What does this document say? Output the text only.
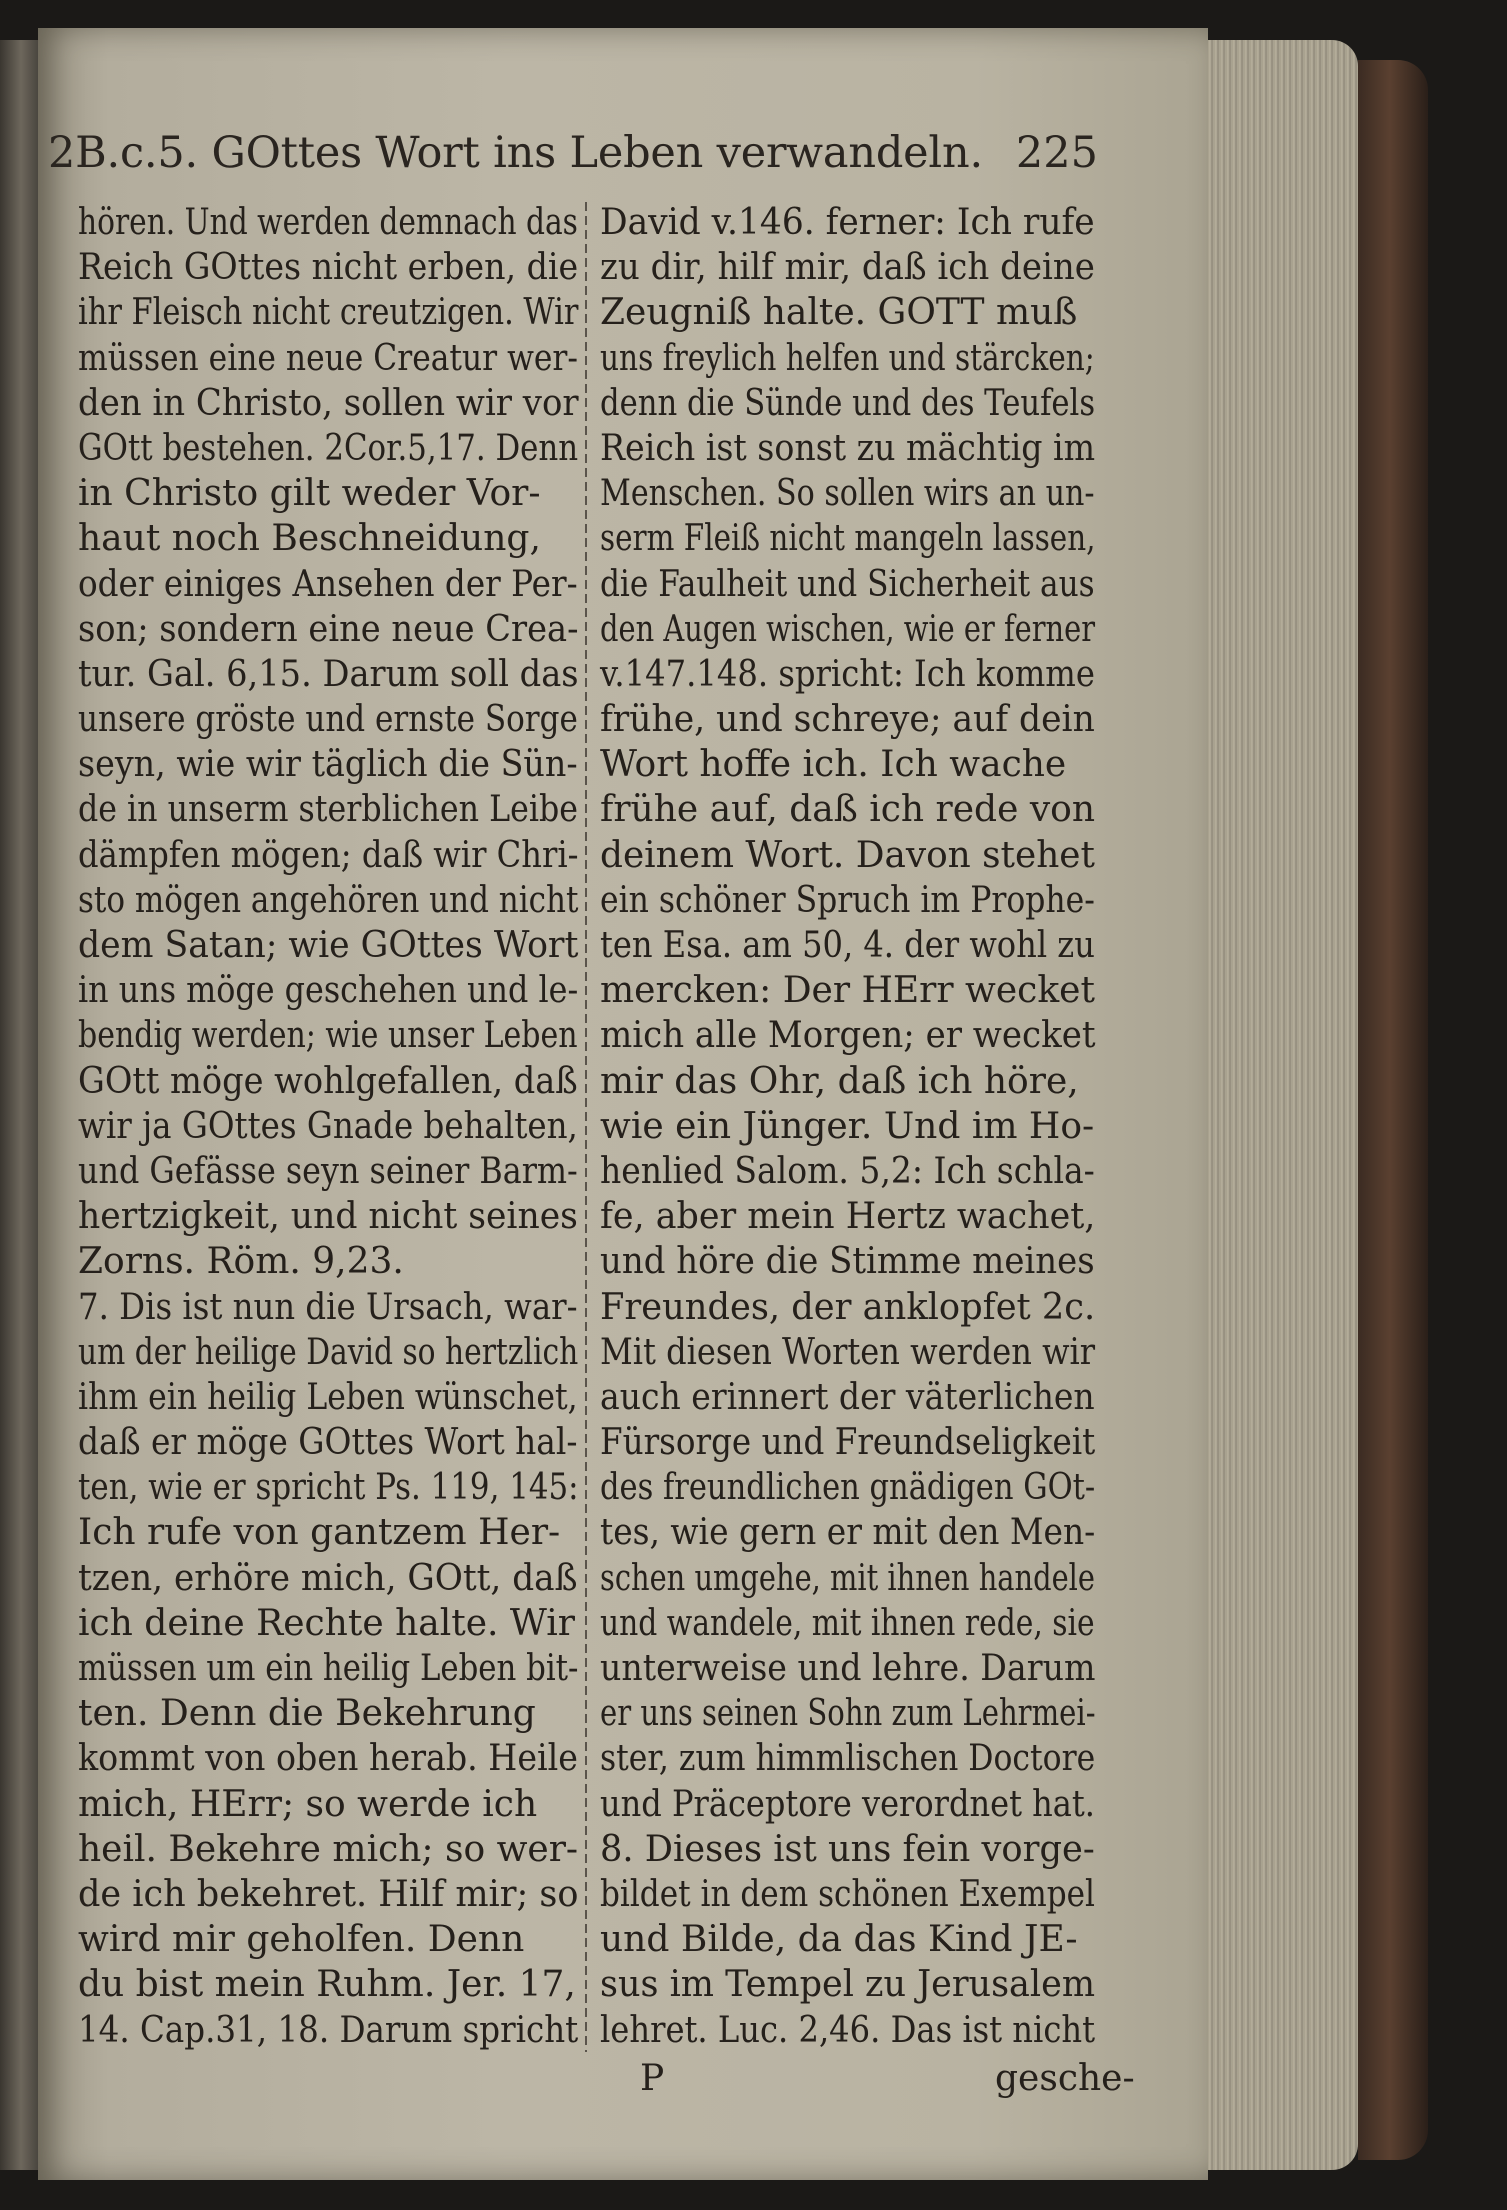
2B.c.5. GOttes Wort ins Leben verwandeln. 225
hören. Und werden demnach das
Reich GOttes nicht erben, die
ihr Fleisch nicht creutzigen. Wir
müssen eine neue Creatur wer-
den in Christo, sollen wir vor
GOtt bestehen. 2Cor.5,17. Denn
in Christo gilt weder Vor-
haut noch Beschneidung,
oder einiges Ansehen der Per-
son; sondern eine neue Crea-
tur. Gal. 6,15. Darum soll das
unsere gröste und ernste Sorge
seyn, wie wir täglich die Sün-
de in unserm sterblichen Leibe
dämpfen mögen; daß wir Chri-
sto mögen angehören und nicht
dem Satan; wie GOttes Wort
in uns möge geschehen und le-
bendig werden; wie unser Leben
GOtt möge wohlgefallen, daß
wir ja GOttes Gnade behalten,
und Gefässe seyn seiner Barm-
hertzigkeit, und nicht seines
Zorns. Röm. 9,23.
7. Dis ist nun die Ursach, war-
um der heilige David so hertzlich
ihm ein heilig Leben wünschet,
daß er möge GOttes Wort hal-
ten, wie er spricht Ps. 119, 145:
Ich rufe von gantzem Her-
tzen, erhöre mich, GOtt, daß
ich deine Rechte halte. Wir
müssen um ein heilig Leben bit-
ten. Denn die Bekehrung
kommt von oben herab. Heile
mich, HErr; so werde ich
heil. Bekehre mich; so wer-
de ich bekehret. Hilf mir; so
wird mir geholfen. Denn
du bist mein Ruhm. Jer. 17,
14. Cap.31, 18. Darum spricht
David v.146. ferner: Ich rufe
zu dir, hilf mir, daß ich deine
Zeugniß halte. GOTT muß
uns freylich helfen und stärcken;
denn die Sünde und des Teufels
Reich ist sonst zu mächtig im
Menschen. So sollen wirs an un-
serm Fleiß nicht mangeln lassen,
die Faulheit und Sicherheit aus
den Augen wischen, wie er ferner
v.147.148. spricht: Ich komme
frühe, und schreye; auf dein
Wort hoffe ich. Ich wache
frühe auf, daß ich rede von
deinem Wort. Davon stehet
ein schöner Spruch im Prophe-
ten Esa. am 50, 4. der wohl zu
mercken: Der HErr wecket
mich alle Morgen; er wecket
mir das Ohr, daß ich höre,
wie ein Jünger. Und im Ho-
henlied Salom. 5,2: Ich schla-
fe, aber mein Hertz wachet,
und höre die Stimme meines
Freundes, der anklopfet 2c.
Mit diesen Worten werden wir
auch erinnert der väterlichen
Fürsorge und Freundseligkeit
des freundlichen gnädigen GOt-
tes, wie gern er mit den Men-
schen umgehe, mit ihnen handele
und wandele, mit ihnen rede, sie
unterweise und lehre. Darum
er uns seinen Sohn zum Lehrmei-
ster, zum himmlischen Doctore
und Präceptore verordnet hat.
8. Dieses ist uns fein vorge-
bildet in dem schönen Exempel
und Bilde, da das Kind JE-
sus im Tempel zu Jerusalem
lehret. Luc. 2,46. Das ist nicht
P	gesche-
